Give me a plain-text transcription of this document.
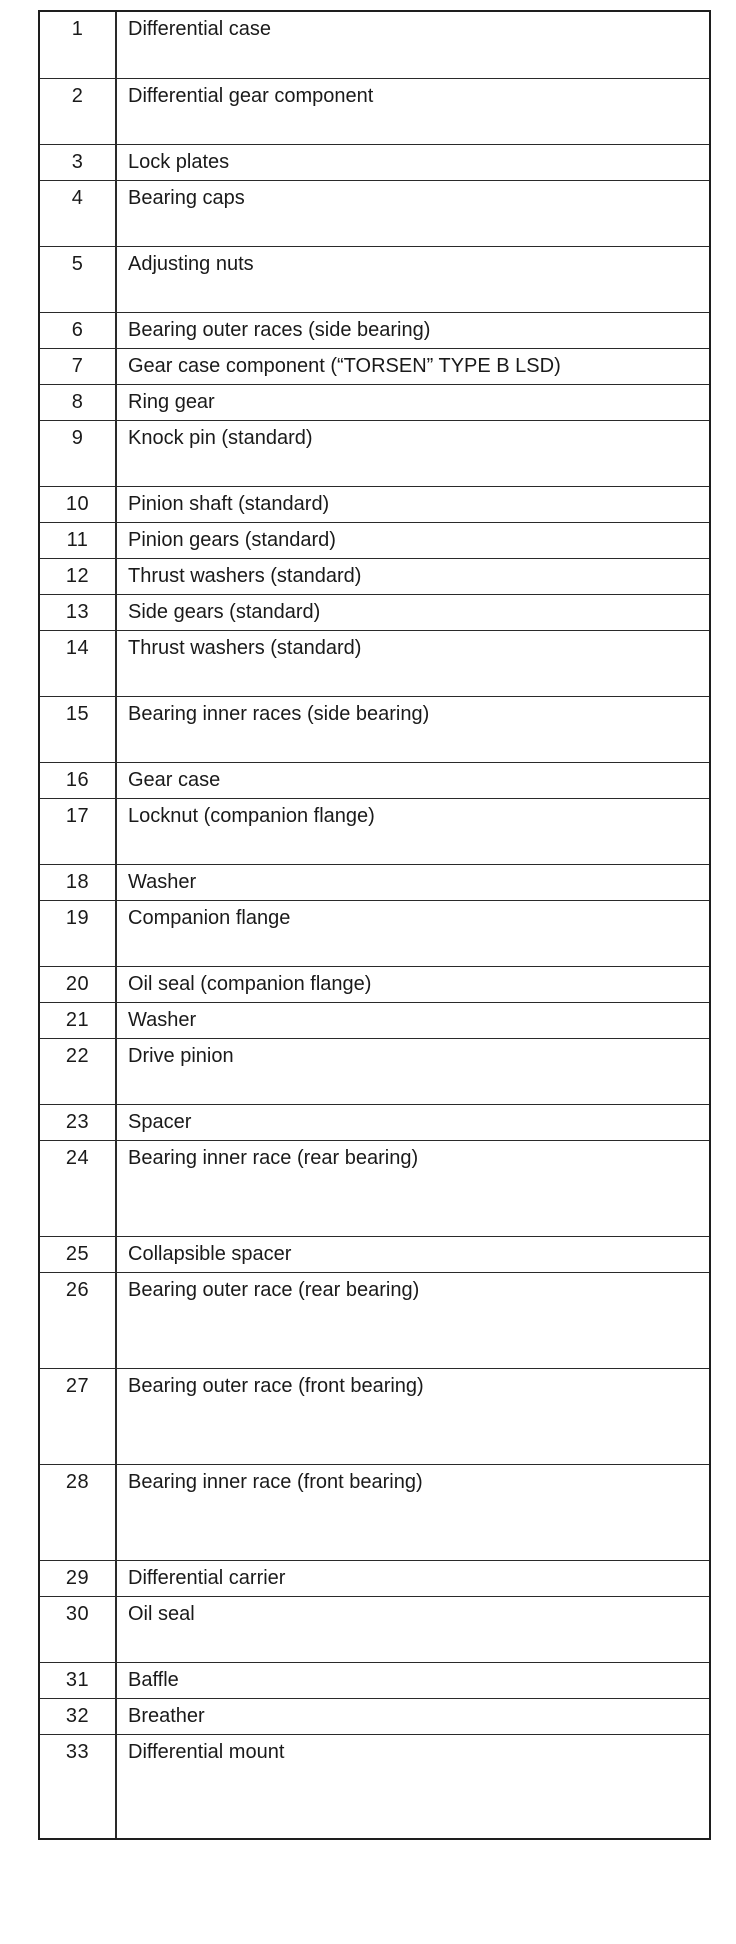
1	Differential case
2	Differential gear component
3	Lock plates
4	Bearing caps
5	Adjusting nuts
6	Bearing outer races (side bearing)
7	Gear case component (“TORSEN” TYPE B LSD)
8	Ring gear
9	Knock pin (standard)
10	Pinion shaft (standard)
11	Pinion gears (standard)
12	Thrust washers (standard)
13	Side gears (standard)
14	Thrust washers (standard)
15	Bearing inner races (side bearing)
16	Gear case
17	Locknut (companion flange)
18	Washer
19	Companion flange
20	Oil seal (companion flange)
21	Washer
22	Drive pinion
23	Spacer
24	Bearing inner race (rear bearing)
25	Collapsible spacer
26	Bearing outer race (rear bearing)
27	Bearing outer race (front bearing)
28	Bearing inner race (front bearing)
29	Differential carrier
30	Oil seal
31	Baffle
32	Breather
33	Differential mount
